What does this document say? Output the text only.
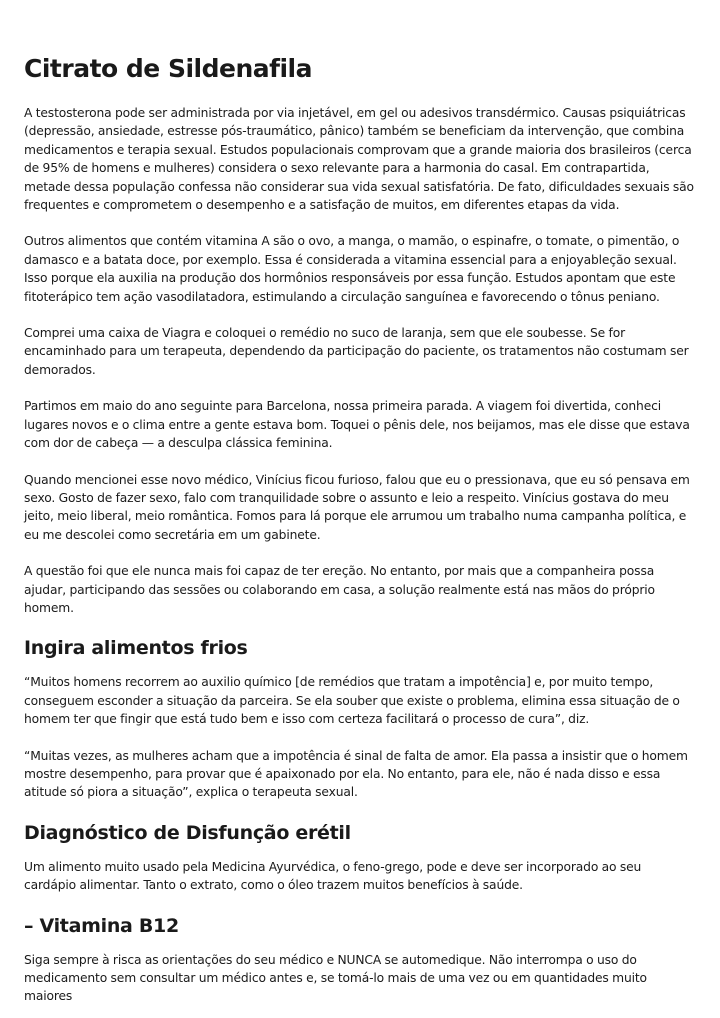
Citrato de Sildenafila

A testosterona pode ser administrada por via injetável, em gel ou adesivos transdérmico. Causas psiquiátricas (depressão, ansiedade, estresse pós-traumático, pânico) também se beneficiam da intervenção, que combina medicamentos e terapia sexual. Estudos populacionais comprovam que a grande maioria dos brasileiros (cerca de 95% de homens e mulheres) considera o sexo relevante para a harmonia do casal. Em contrapartida, metade dessa população confessa não considerar sua vida sexual satisfatória. De fato, dificuldades sexuais são frequentes e comprometem o desempenho e a satisfação de muitos, em diferentes etapas da vida.

Outros alimentos que contém vitamina A são o ovo, a manga, o mamão, o espinafre, o tomate, o pimentão, o damasco e a batata doce, por exemplo. Essa é considerada a vitamina essencial para a enjoyablеção sexual. Isso porque ela auxilia na produção dos hormônios responsáveis por essa função. Estudos apontam que este fitoterápico tem ação vasodilatadora, estimulando a circulação sanguínea e favorecendo o tônus peniano.

Comprei uma caixa de Viagra e coloquei o remédio no suco de laranja, sem que ele soubesse. Se for encaminhado para um terapeuta, dependendo da participação do paciente, os tratamentos não costumam ser demorados.

Partimos em maio do ano seguinte para Barcelona, nossa primeira parada. A viagem foi divertida, conheci lugares novos e o clima entre a gente estava bom. Toquei o pênis dele, nos beijamos, mas ele disse que estava com dor de cabeça — a desculpa clássica feminina.

Quando mencionei esse novo médico, Vinícius ficou furioso, falou que eu o pressionava, que eu só pensava em sexo. Gosto de fazer sexo, falo com tranquilidade sobre o assunto e leio a respeito. Vinícius gostava do meu jeito, meio liberal, meio romântica. Fomos para lá porque ele arrumou um trabalho numa campanha política, e eu me descolei como secretária em um gabinete.

A questão foi que ele nunca mais foi capaz de ter ereção. No entanto, por mais que a companheira possa ajudar, participando das sessões ou colaborando em casa, a solução realmente está nas mãos do próprio homem.

Ingira alimentos frios

“Muitos homens recorrem ao auxilio químico [de remédios que tratam a impotência] e, por muito tempo, conseguem esconder a situação da parceira. Se ela souber que existe o problema, elimina essa situação de o homem ter que fingir que está tudo bem e isso com certeza facilitará o processo de cura”, diz.

“Muitas vezes, as mulheres acham que a impotência é sinal de falta de amor. Ela passa a insistir que o homem mostre desempenho, para provar que é apaixonado por ela. No entanto, para ele, não é nada disso e essa atitude só piora a situação”, explica o terapeuta sexual.

Diagnóstico de Disfunção erétil

Um alimento muito usado pela Medicina Ayurvédica, o feno-grego, pode e deve ser incorporado ao seu cardápio alimentar. Tanto o extrato, como o óleo trazem muitos benefícios à saúde.

– Vitamina B12

Siga sempre à risca as orientações do seu médico e NUNCA se automedique. Não interrompa o uso do medicamento sem consultar um médico antes e, se tomá-lo mais de uma vez ou em quantidades muito maiores
